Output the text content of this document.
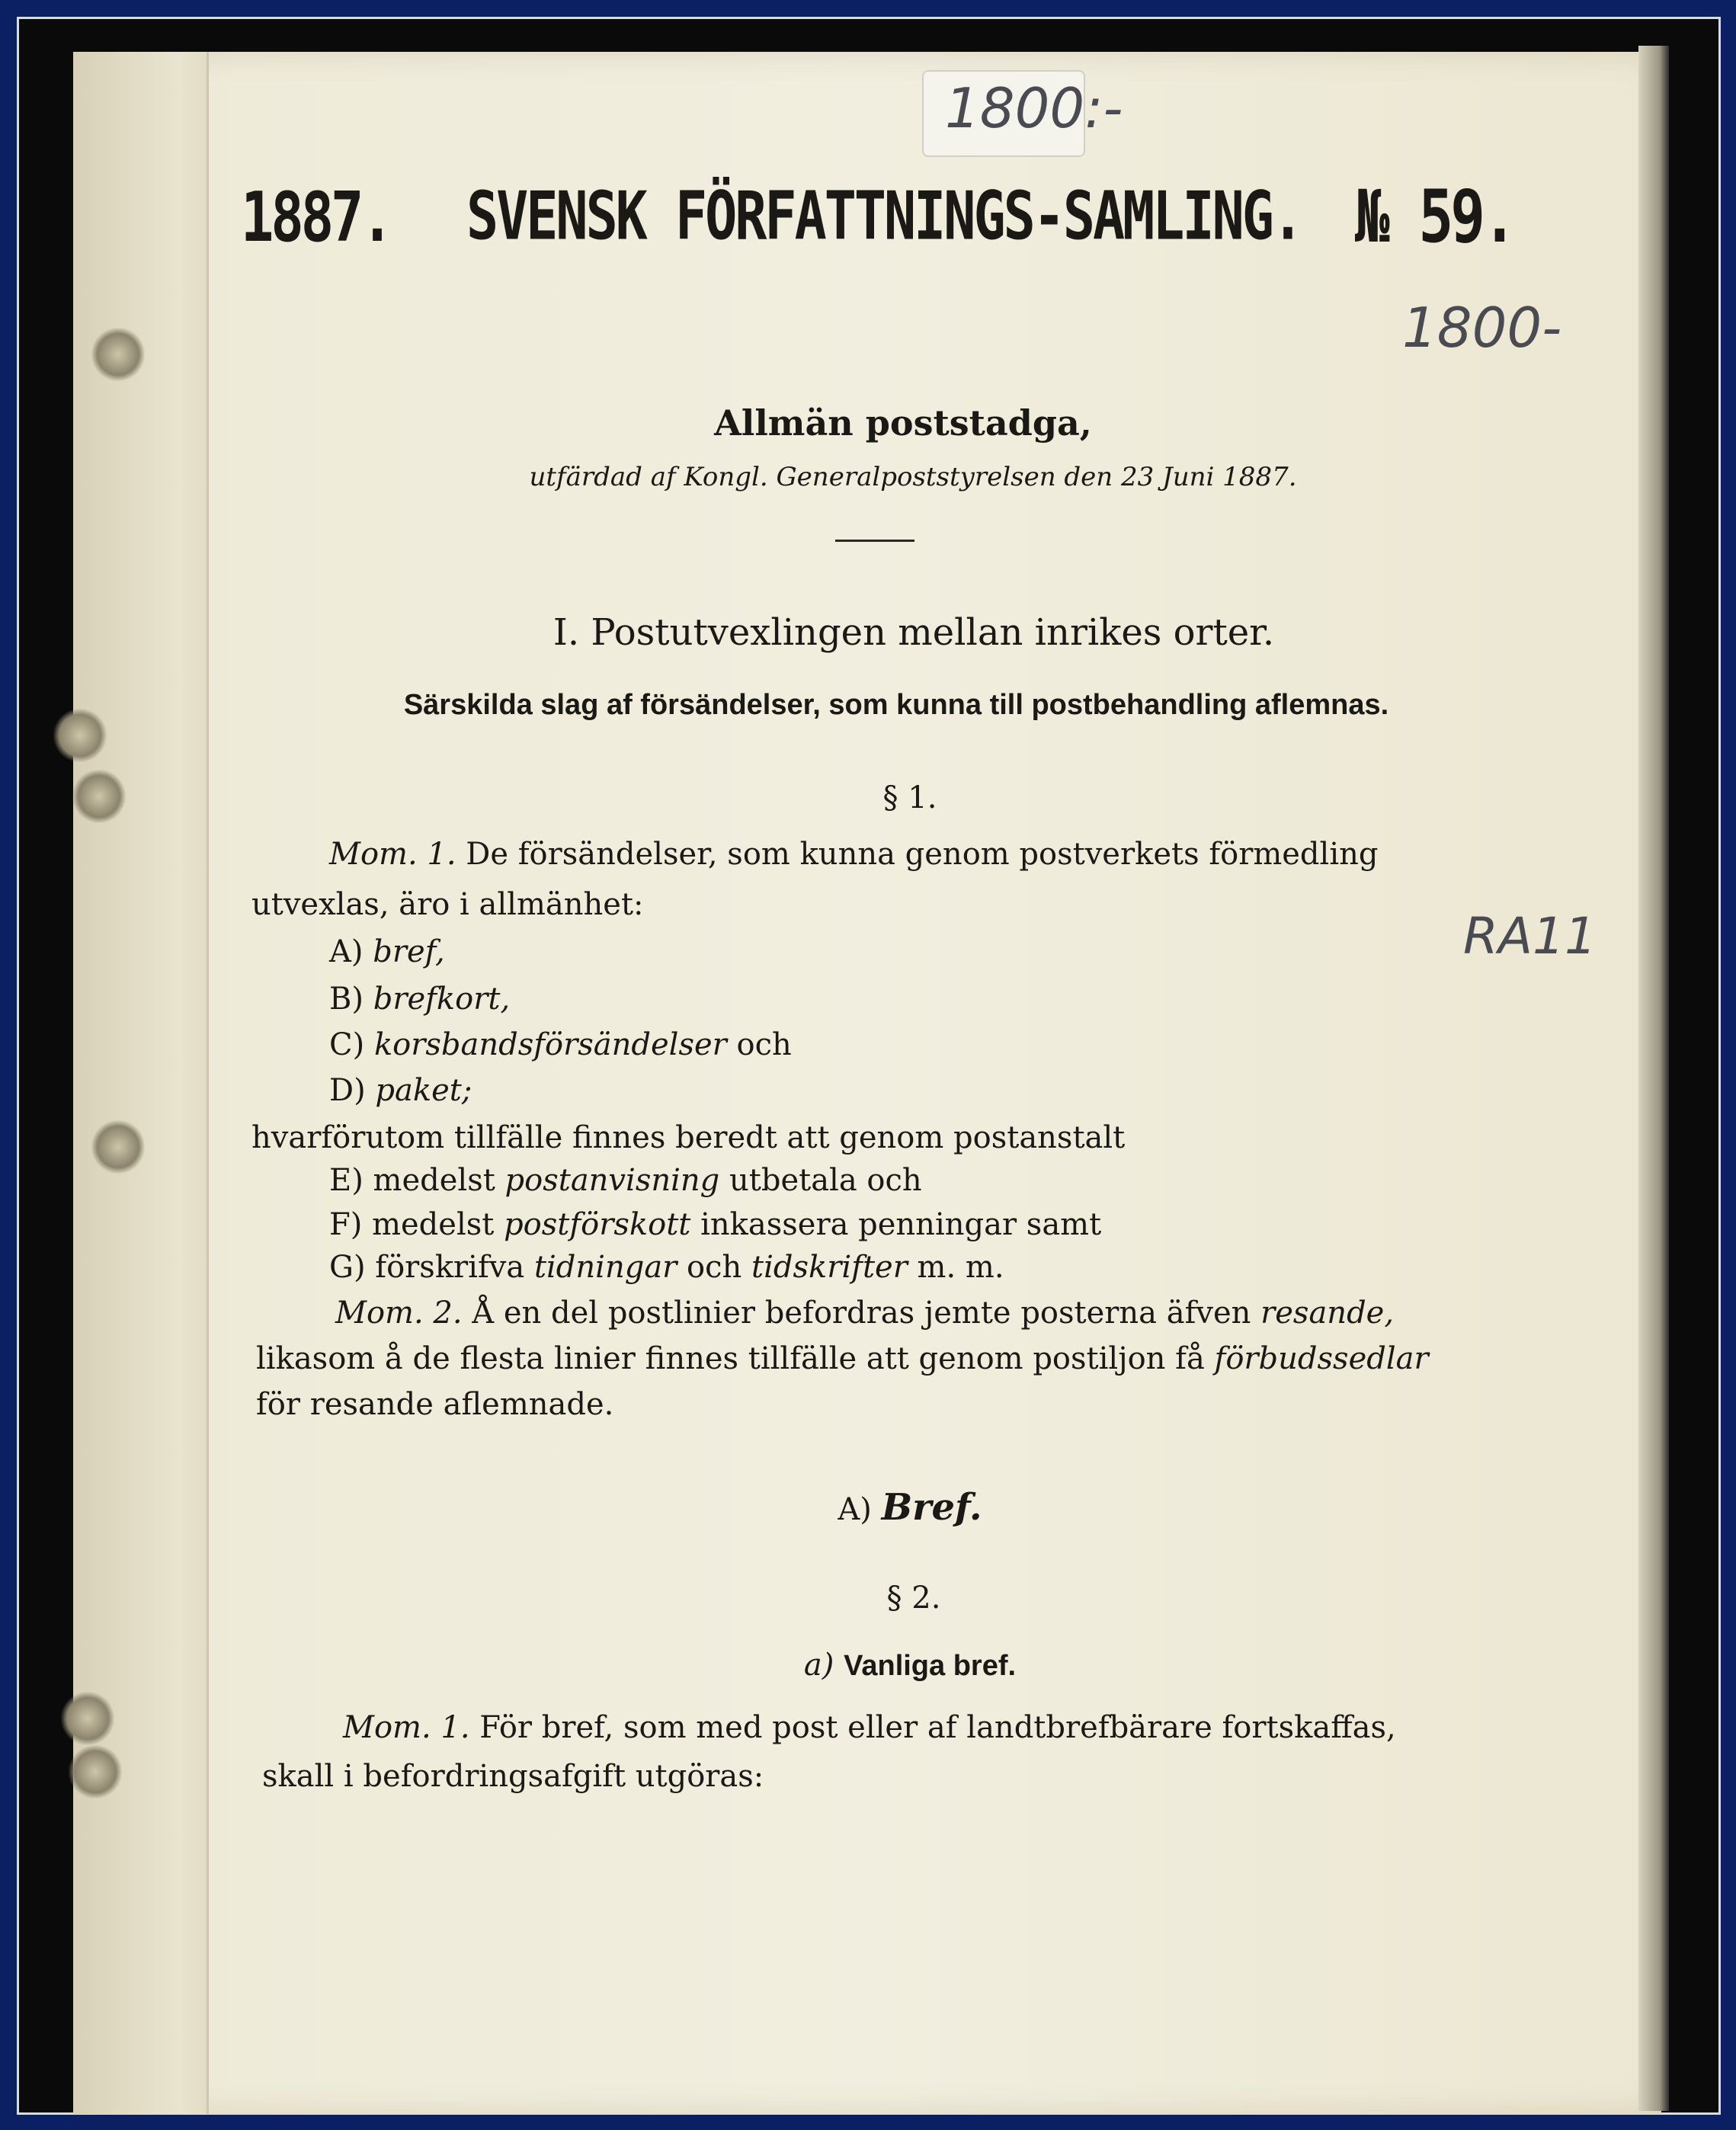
1800:-

1800-

RA11

1887. SVENSK FÖRFATTNINGS-SAMLING. № 59.

Allmän poststadga,

utfärdad af Kongl. Generalpoststyrelsen den 23 Juni 1887.

I. Postutvexlingen mellan inrikes orter.

Särskilda slag af försändelser, som kunna till postbehandling aflemnas.

§ 1.

Mom. 1. De försändelser, som kunna genom postverkets förmedling

utvexlas, äro i allmänhet:

A) bref,

B) brefkort,

C) korsbandsförsändelser och

D) paket;

hvarförutom tillfälle finnes beredt att genom postanstalt

E) medelst postanvisning utbetala och

F) medelst postförskott inkassera penningar samt

G) förskrifva tidningar och tidskrifter m. m.

Mom. 2. Å en del postlinier befordras jemte posterna äfven resande,

likasom å de flesta linier finnes tillfälle att genom postiljon få förbudssedlar

för resande aflemnade.

A) Bref.

§ 2.

a) Vanliga bref.

Mom. 1. För bref, som med post eller af landtbrefbärare fortskaffas,

skall i befordringsafgift utgöras:
